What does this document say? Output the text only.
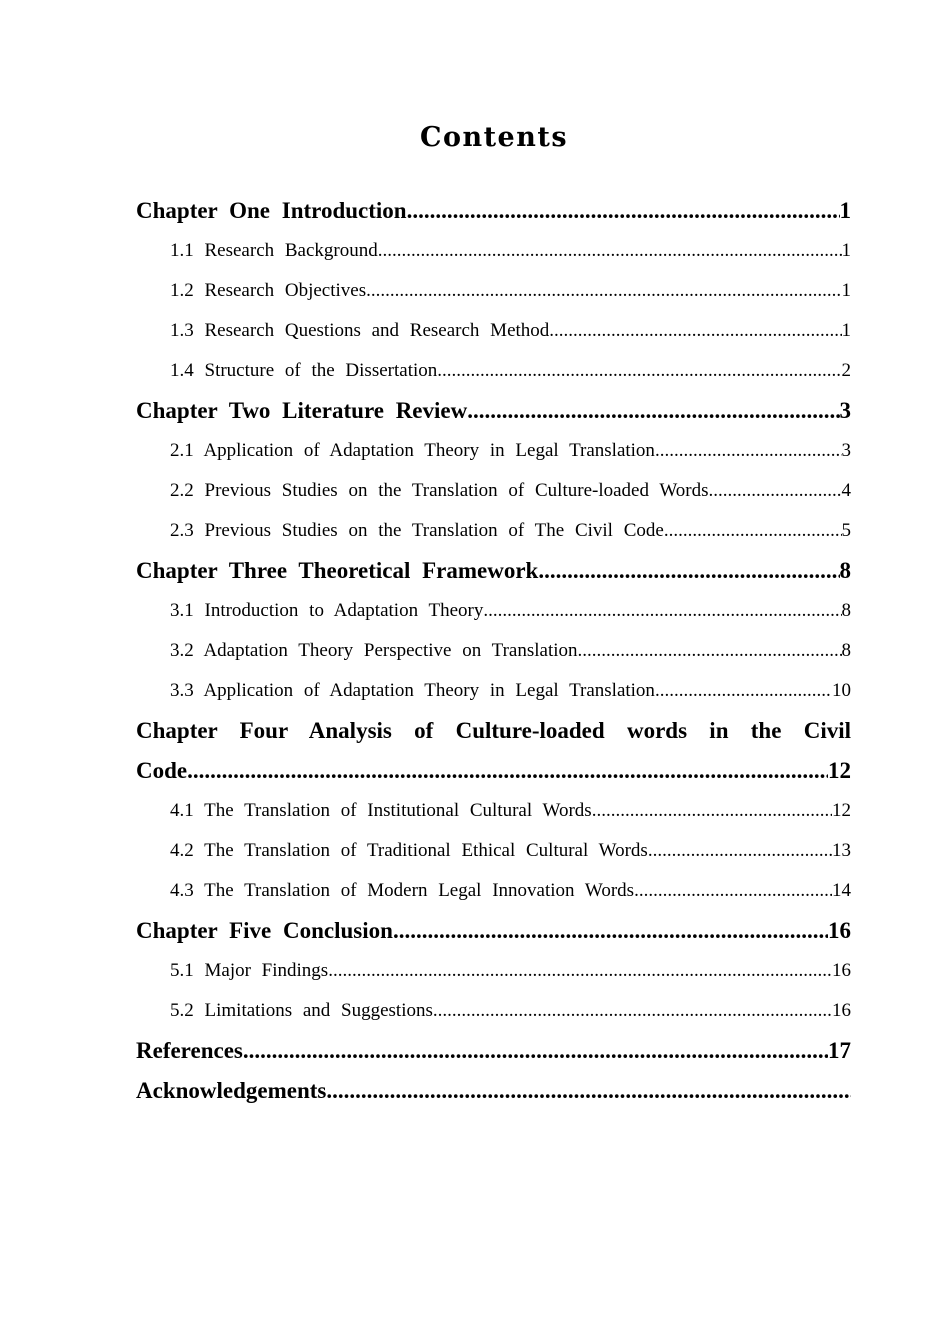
Contents
Chapter One Introduction .....	1
1.1 Research Background .....	1
1.2 Research Objectives .....	1
1.3 Research Questions and Research Method .....	1
1.4 Structure of the Dissertation .....	2
Chapter Two Literature Review .....	3
2.1 Application of Adaptation Theory in Legal Translation .....	3
2.2 Previous Studies on the Translation of Culture-loaded Words .....	4
2.3 Previous Studies on the Translation of The Civil Code .....	5
Chapter Three Theoretical Framework .....	8
3.1 Introduction to Adaptation Theory .....	8
3.2 Adaptation Theory Perspective on Translation .....	8
3.3 Application of Adaptation Theory in Legal Translation .....	10
Chapter Four Analysis of Culture-loaded words in the Civil
Code .....	12
4.1 The Translation of Institutional Cultural Words .....	12
4.2 The Translation of Traditional Ethical Cultural Words .....	13
4.3 The Translation of Modern Legal Innovation Words .....	14
Chapter Five Conclusion .....	16
5.1 Major Findings .....	16
5.2 Limitations and Suggestions .....	16
References .....	17
Acknowledgements
.....
